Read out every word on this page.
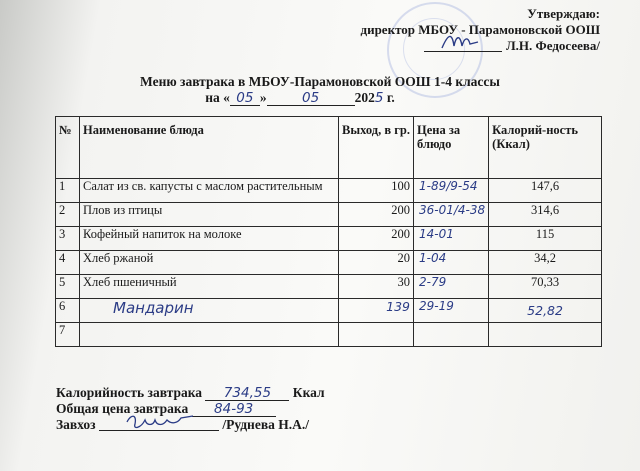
Утверждаю:
директор МБОУ - Парамоновской ООШ
Л.Н. Федосеева/
Меню завтрака в МБОУ-Парамоновской ООШ 1-4 классы
на « 05 »	05	2025 г.
№	Наименование блюда	Выход, в гр.	Цена за блюдо	Калорий-ность (Ккал)
1	Салат из св. капусты с маслом растительным	100	1-89/9-54	147,6
2	Плов из птицы	200	36-01/4-38	314,6
3	Кофейный напиток на молоке	200	14-01	115
4	Хлеб ржаной	20	1-04	34,2
5	Хлеб пшеничный	30	2-79	70,33
6	Мандарин	139	29-19	52,82
7				
Калорийность завтрака 734,55 Ккал
Общая цена завтрака 84-93
Завхоз	/Руднева Н.А./
